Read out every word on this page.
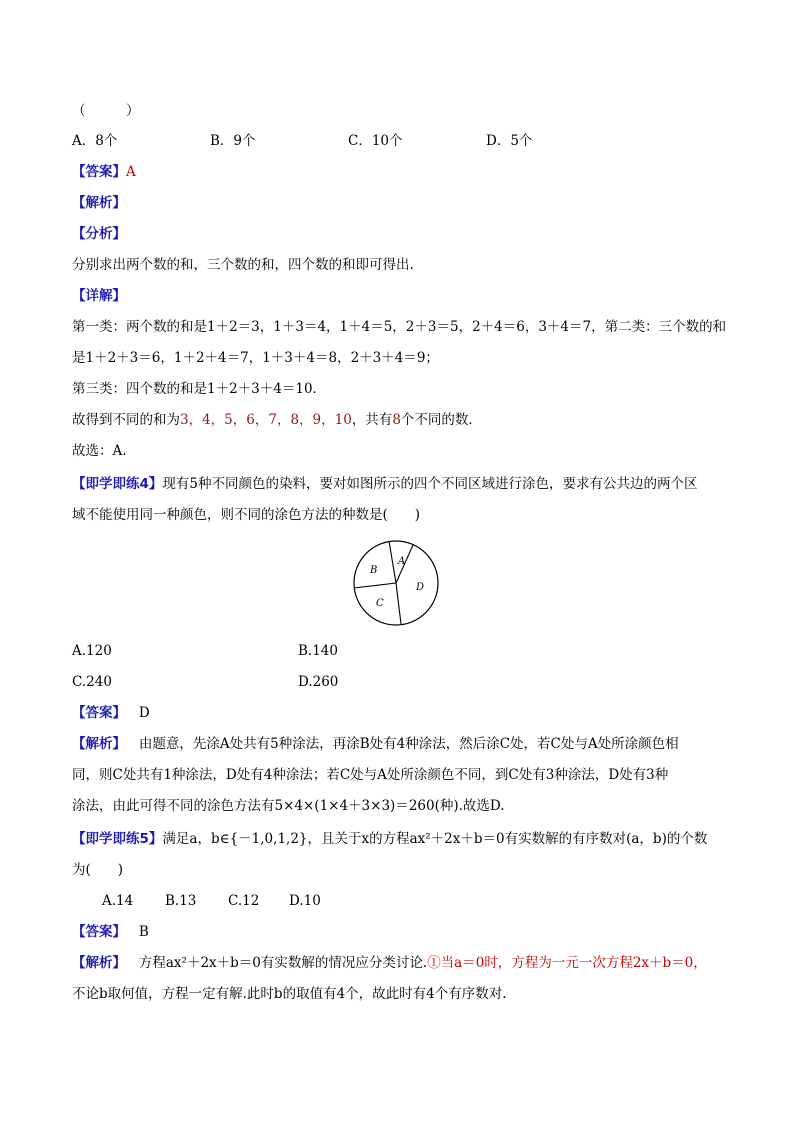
（　　　）
A．8个	B．9个	C．10个	D．5个
【答案】A
【解析】
【分析】
分别求出两个数的和，三个数的和，四个数的和即可得出.
【详解】
第一类：两个数的和是1＋2＝3，1＋3＝4，1＋4＝5，2＋3＝5，2＋4＝6，3＋4＝7，第二类：三个数的和
是1＋2＋3＝6，1＋2＋4＝7，1＋3＋4＝8，2＋3＋4＝9；
第三类：四个数的和是1＋2＋3＋4＝10．
故得到不同的和为3，4，5，6，7，8，9，10，共有8个不同的数．
故选：A.
【即学即练4】现有5种不同颜色的染料，要对如图所示的四个不同区域进行涂色，要求有公共边的两个区
域不能使用同一种颜色，则不同的涂色方法的种数是(　　)
A
B
C
D
A.120	B.140
C.240	D.260
【答案】 D
【解析】 由题意，先涂A处共有5种涂法，再涂B处有4种涂法，然后涂C处，若C处与A处所涂颜色相
同，则C处共有1种涂法，D处有4种涂法；若C处与A处所涂颜色不同，到C处有3种涂法，D处有3种
涂法，由此可得不同的涂色方法有5×4×(1×4＋3×3)＝260(种).故选D.
【即学即练5】满足a，b∈{－1,0,1,2}，且关于x的方程ax²＋2x＋b＝0有实数解的有序数对(a，b)的个数
为(　　)
A.14 B.13 C.12 D.10
【答案】 B
【解析】 方程ax²＋2x＋b＝0有实数解的情况应分类讨论.①当a＝0时，方程为一元一次方程2x＋b＝0，
不论b取何值，方程一定有解.此时b的取值有4个，故此时有4个有序数对.
